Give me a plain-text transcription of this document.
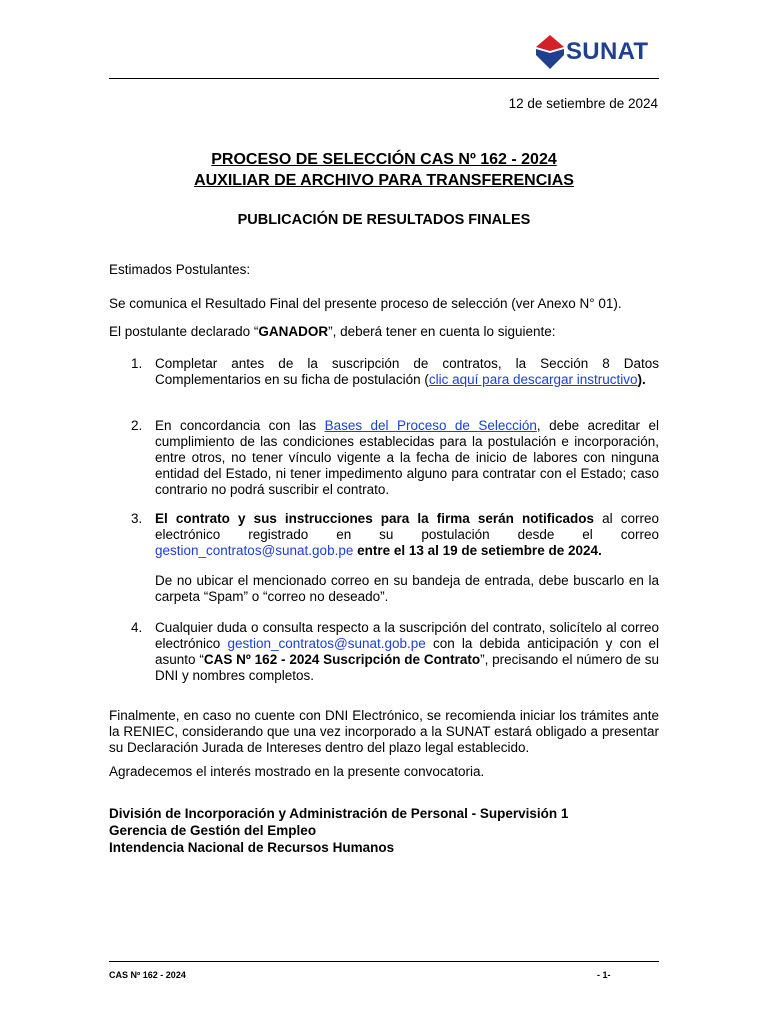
SUNAT
12 de setiembre de 2024
PROCESO DE SELECCIÓN CAS Nº 162 - 2024
AUXILIAR DE ARCHIVO PARA TRANSFERENCIAS
PUBLICACIÓN DE RESULTADOS FINALES
Estimados Postulantes:
Se comunica el Resultado Final del presente proceso de selección (ver Anexo N° 01).
El postulante declarado “GANADOR”, deberá tener en cuenta lo siguiente:
1. Completar antes de la suscripción de contratos, la Sección 8 Datos Complementarios en su ficha de postulación (clic aquí para descargar instructivo).
2. En concordancia con las Bases del Proceso de Selección, debe acreditar el cumplimiento de las condiciones establecidas para la postulación e incorporación, entre otros, no tener vínculo vigente a la fecha de inicio de labores con ninguna entidad del Estado, ni tener impedimento alguno para contratar con el Estado; caso contrario no podrá suscribir el contrato.
3. El contrato y sus instrucciones para la firma serán notificados al correo electrónico registrado en su postulación desde el correo gestion_contratos@sunat.gob.pe entre el 13 al 19 de setiembre de 2024.
De no ubicar el mencionado correo en su bandeja de entrada, debe buscarlo en la carpeta “Spam” o “correo no deseado”.
4. Cualquier duda o consulta respecto a la suscripción del contrato, solicítelo al correo electrónico gestion_contratos@sunat.gob.pe con la debida anticipación y con el asunto “CAS Nº 162 - 2024 Suscripción de Contrato”, precisando el número de su DNI y nombres completos.
Finalmente, en caso no cuente con DNI Electrónico, se recomienda iniciar los trámites ante la RENIEC, considerando que una vez incorporado a la SUNAT estará obligado a presentar su Declaración Jurada de Intereses dentro del plazo legal establecido.
Agradecemos el interés mostrado en la presente convocatoria.
División de Incorporación y Administración de Personal - Supervisión 1
Gerencia de Gestión del Empleo
Intendencia Nacional de Recursos Humanos
CAS Nº 162 - 2024	- 1-
